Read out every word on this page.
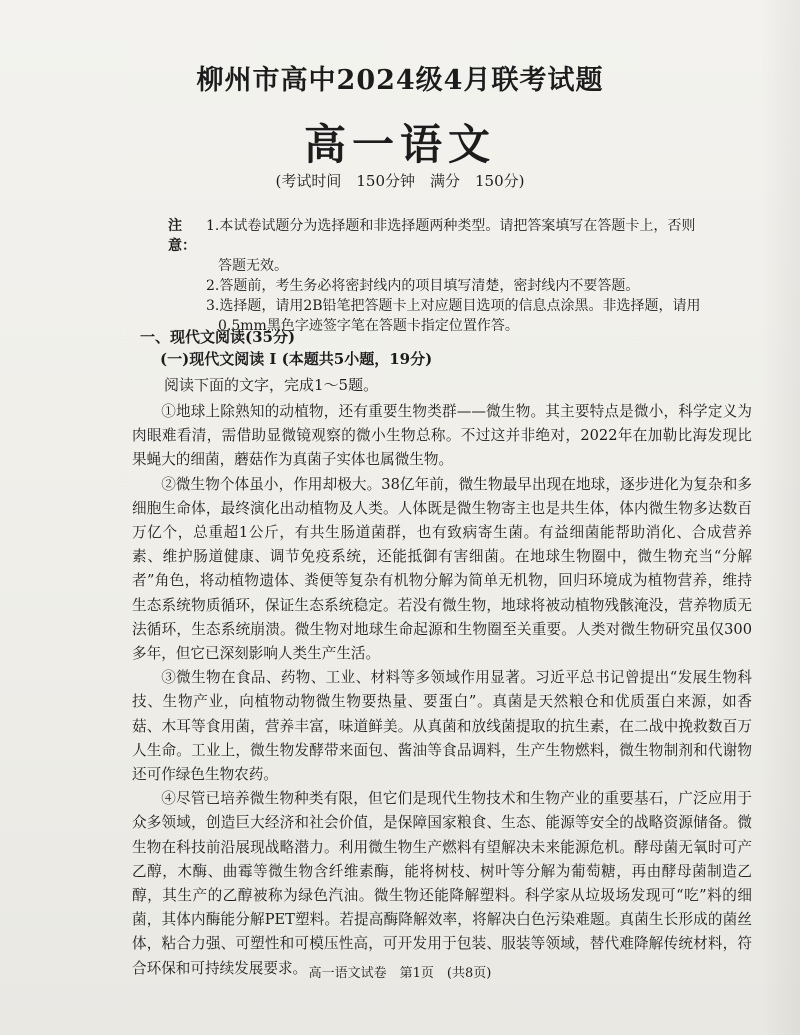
柳州市高中2024级4月联考试题
高一语文
(考试时间　150分钟　满分　150分)
注意：
1.本试卷试题分为选择题和非选择题两种类型。请把答案填写在答题卡上，否则
答题无效。
2.答题前，考生务必将密封线内的项目填写清楚，密封线内不要答题。
3.选择题，请用2B铅笔把答题卡上对应题目选项的信息点涂黑。非选择题，请用
0.5mm黑色字迹签字笔在答题卡指定位置作答。
一、现代文阅读(35分)
(一)现代文阅读 I (本题共5小题，19分)
阅读下面的文字，完成1～5题。

①地球上除熟知的动植物，还有重要生物类群——微生物。其主要特点是微小，科学定义为肉眼难看清，需借助显微镜观察的微小生物总称。不过这并非绝对，2022年在加勒比海发现比果蝇大的细菌，蘑菇作为真菌子实体也属微生物。

②微生物个体虽小，作用却极大。38亿年前，微生物最早出现在地球，逐步进化为复杂和多细胞生命体，最终演化出动植物及人类。人体既是微生物寄主也是共生体，体内微生物多达数百万亿个，总重超1公斤，有共生肠道菌群，也有致病寄生菌。有益细菌能帮助消化、合成营养素、维护肠道健康、调节免疫系统，还能抵御有害细菌。在地球生物圈中，微生物充当“分解者”角色，将动植物遗体、粪便等复杂有机物分解为简单无机物，回归环境成为植物营养，维持生态系统物质循环，保证生态系统稳定。若没有微生物，地球将被动植物残骸淹没，营养物质无法循环，生态系统崩溃。微生物对地球生命起源和生物圈至关重要。人类对微生物研究虽仅300多年，但它已深刻影响人类生产生活。

③微生物在食品、药物、工业、材料等多领域作用显著。习近平总书记曾提出“发展生物科技、生物产业，向植物动物微生物要热量、要蛋白”。真菌是天然粮仓和优质蛋白来源，如香菇、木耳等食用菌，营养丰富，味道鲜美。从真菌和放线菌提取的抗生素，在二战中挽救数百万人生命。工业上，微生物发酵带来面包、酱油等食品调料，生产生物燃料，微生物制剂和代谢物还可作绿色生物农药。

④尽管已培养微生物种类有限，但它们是现代生物技术和生物产业的重要基石，广泛应用于众多领域，创造巨大经济和社会价值，是保障国家粮食、生态、能源等安全的战略资源储备。微生物在科技前沿展现战略潜力。利用微生物生产燃料有望解决未来能源危机。酵母菌无氧时可产乙醇，木酶、曲霉等微生物含纤维素酶，能将树枝、树叶等分解为葡萄糖，再由酵母菌制造乙醇，其生产的乙醇被称为绿色汽油。微生物还能降解塑料。科学家从垃圾场发现可“吃”料的细菌，其体内酶能分解PET塑料。若提高酶降解效率，将解决白色污染难题。真菌生长形成的菌丝体，粘合力强、可塑性和可模压性高，可开发用于包装、服装等领域，替代难降解传统材料，符合环保和可持续发展要求。 高一语文试卷　第1页　(共8页)
